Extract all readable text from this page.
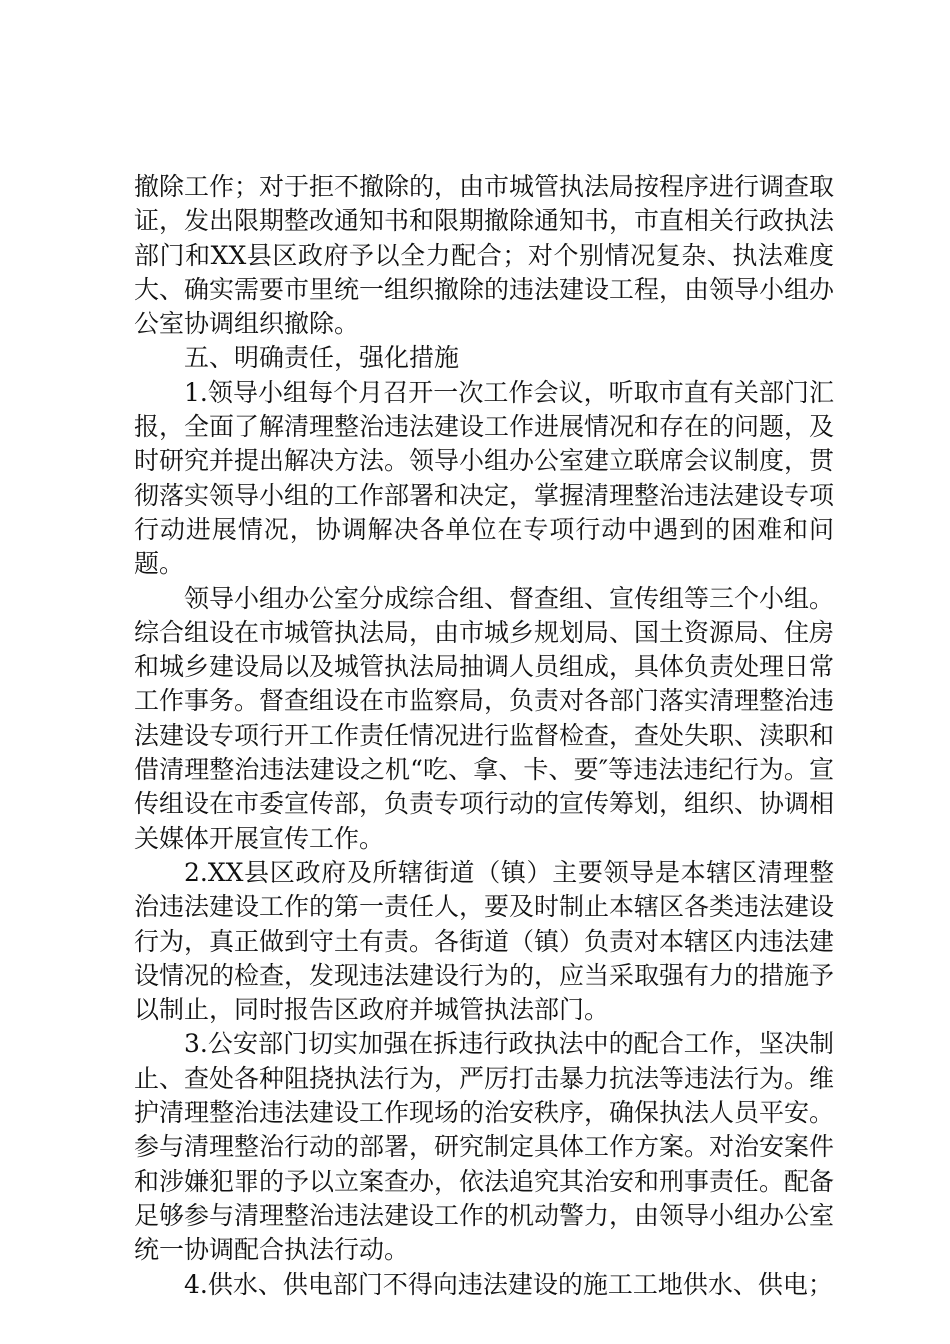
撤除工作；对于拒不撤除的，由市城管执法局按程序进行调查取证，发出限期整改通知书和限期撤除通知书，市直相关行政执法部门和XX县区政府予以全力配合；对个别情况复杂、执法难度大、确实需要市里统一组织撤除的违法建设工程，由领导小组办公室协调组织撤除。

五、明确责任，强化措施

1.领导小组每个月召开一次工作会议，听取市直有关部门汇报，全面了解清理整治违法建设工作进展情况和存在的问题，及时研究并提出解决方法。领导小组办公室建立联席会议制度，贯彻落实领导小组的工作部署和决定，掌握清理整治违法建设专项行动进展情况，协调解决各单位在专项行动中遇到的困难和问题。

领导小组办公室分成综合组、督查组、宣传组等三个小组。综合组设在市城管执法局，由市城乡规划局、国土资源局、住房和城乡建设局以及城管执法局抽调人员组成，具体负责处理日常工作事务。督查组设在市监察局，负责对各部门落实清理整治违法建设专项行开工作责任情况进行监督检查，查处失职、渎职和借清理整治违法建设之机“吃、拿、卡、要″等违法违纪行为。宣传组设在市委宣传部，负责专项行动的宣传筹划，组织、协调相关媒体开展宣传工作。

2.XX县区政府及所辖街道（镇）主要领导是本辖区清理整治违法建设工作的第一责任人，要及时制止本辖区各类违法建设行为，真正做到守土有责。各街道（镇）负责对本辖区内违法建设情况的检查，发现违法建设行为的，应当采取强有力的措施予以制止，同时报告区政府并城管执法部门。

3.公安部门切实加强在拆违行政执法中的配合工作，坚决制止、查处各种阻挠执法行为，严厉打击暴力抗法等违法行为。维护清理整治违法建设工作现场的治安秩序，确保执法人员平安。参与清理整治行动的部署，研究制定具体工作方案。对治安案件和涉嫌犯罪的予以立案查办，依法追究其治安和刑事责任。配备足够参与清理整治违法建设工作的机动警力，由领导小组办公室统一协调配合执法行动。

4.供水、供电部门不得向违法建设的施工工地供水、供电；
